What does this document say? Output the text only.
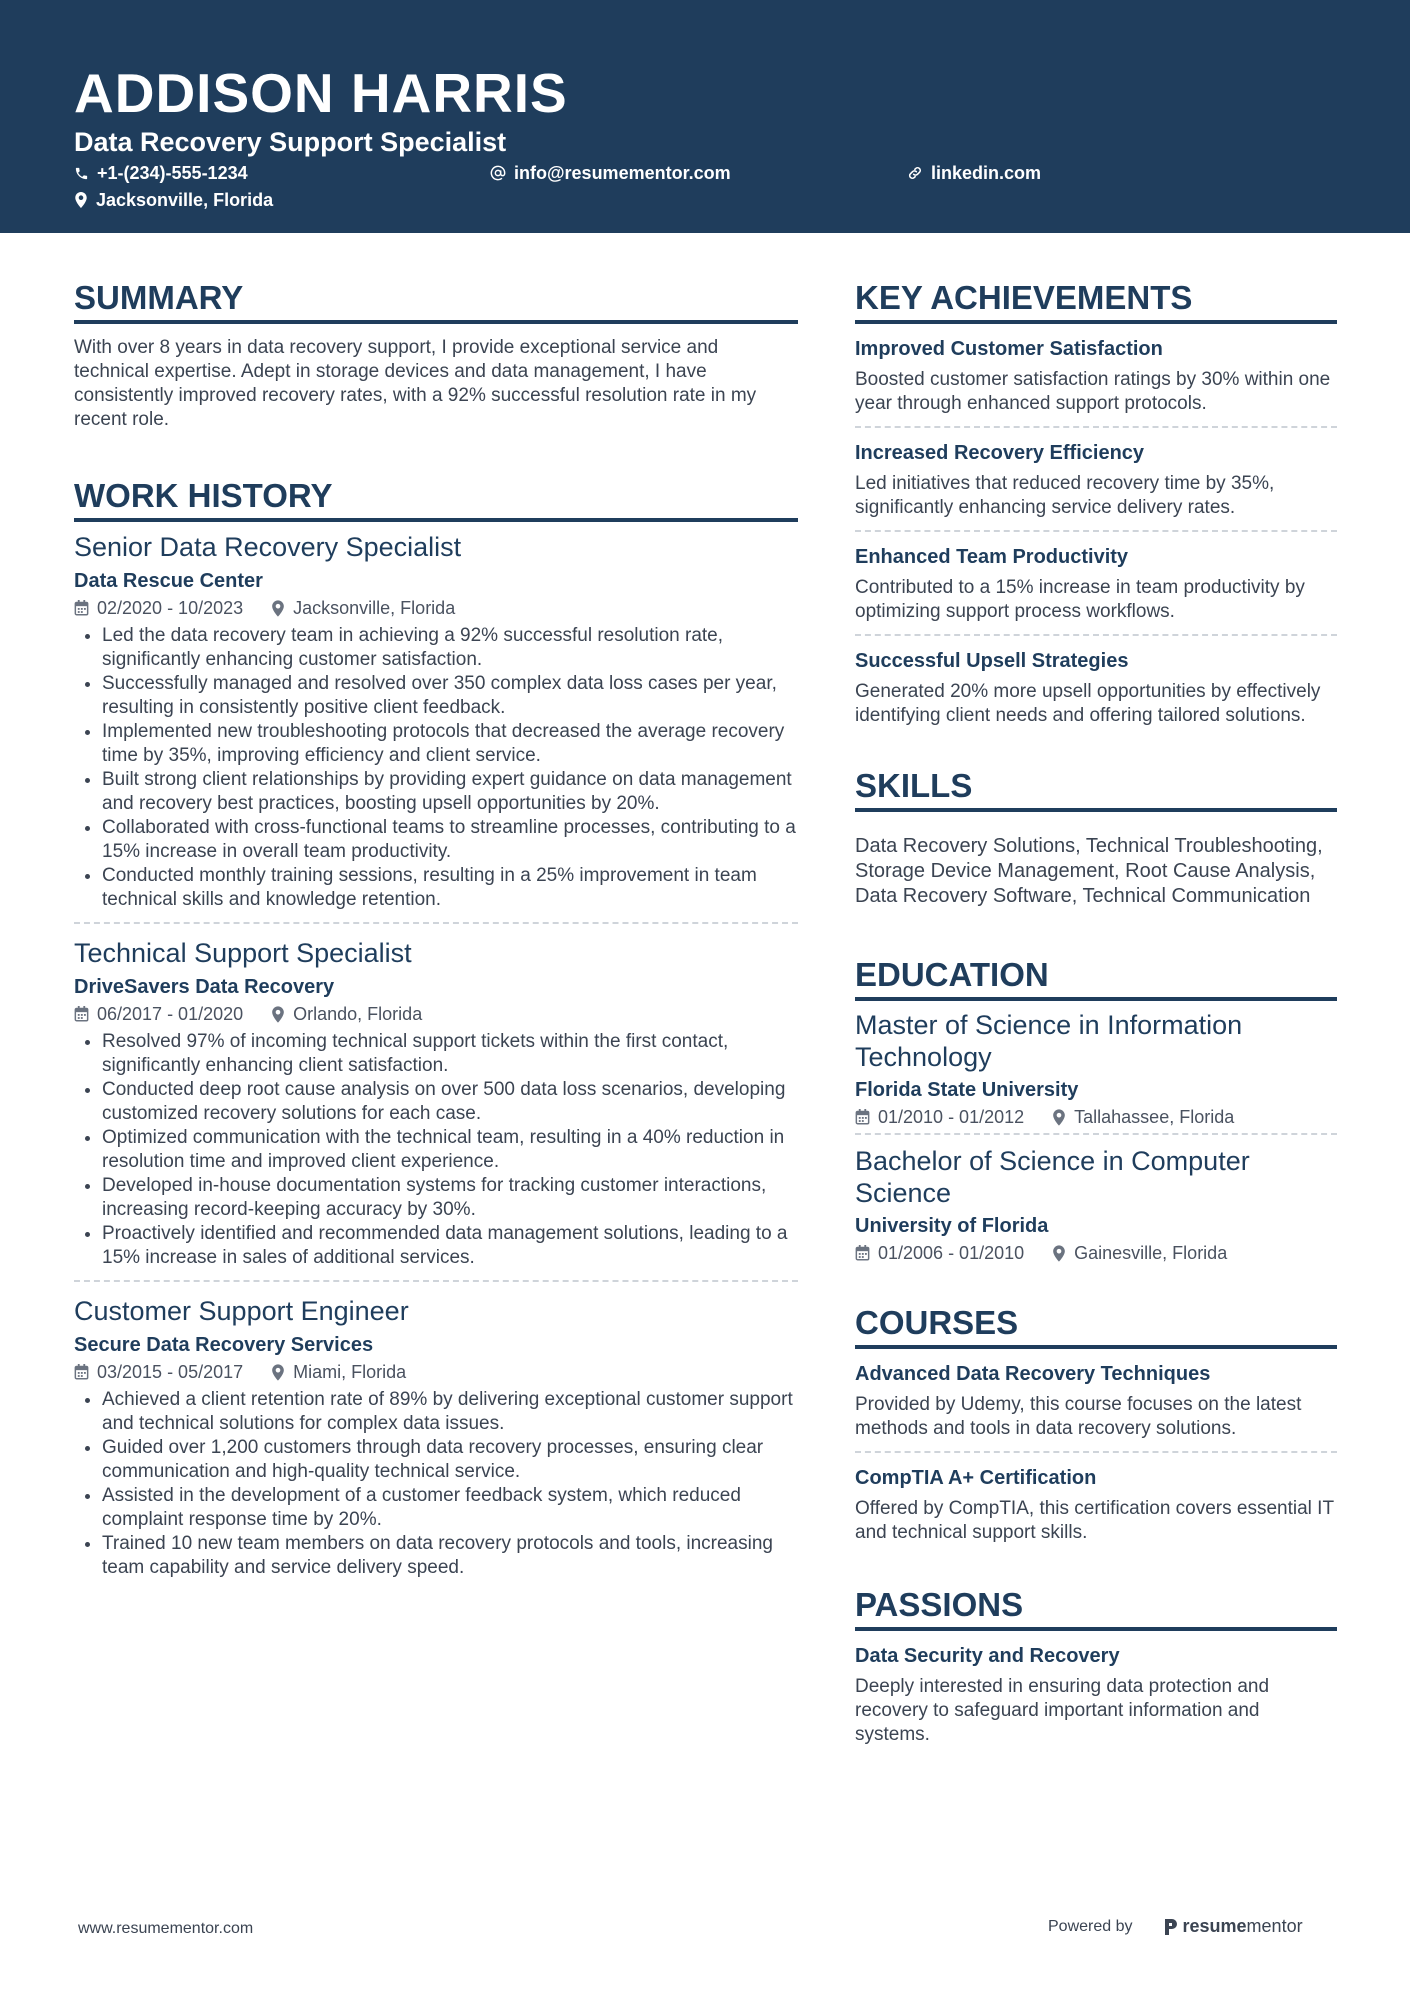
ADDISON HARRIS
Data Recovery Support Specialist
+1-(234)-555-1234	info@resumementor.com	linkedin.com
Jacksonville, Florida
SUMMARY

With over 8 years in data recovery support, I provide exceptional service and technical expertise. Adept in storage devices and data management, I have consistently improved recovery rates, with a 92% successful resolution rate in my recent role.

WORK HISTORY

Senior Data Recovery Specialist

Data Rescue Center

02/2020 - 10/2023	Jacksonville, Florida
• Led the data recovery team in achieving a 92% successful resolution rate, significantly enhancing customer satisfaction.
• Successfully managed and resolved over 350 complex data loss cases per year, resulting in consistently positive client feedback.
• Implemented new troubleshooting protocols that decreased the average recovery time by 35%, improving efficiency and client service.
• Built strong client relationships by providing expert guidance on data management and recovery best practices, boosting upsell opportunities by 20%.
• Collaborated with cross-functional teams to streamline processes, contributing to a 15% increase in overall team productivity.
• Conducted monthly training sessions, resulting in a 25% improvement in team technical skills and knowledge retention.

Technical Support Specialist

DriveSavers Data Recovery

06/2017 - 01/2020	Orlando, Florida
• Resolved 97% of incoming technical support tickets within the first contact, significantly enhancing client satisfaction.
• Conducted deep root cause analysis on over 500 data loss scenarios, developing customized recovery solutions for each case.
• Optimized communication with the technical team, resulting in a 40% reduction in resolution time and improved client experience.
• Developed in-house documentation systems for tracking customer interactions, increasing record-keeping accuracy by 30%.
• Proactively identified and recommended data management solutions, leading to a 15% increase in sales of additional services.

Customer Support Engineer

Secure Data Recovery Services

03/2015 - 05/2017	Miami, Florida
• Achieved a client retention rate of 89% by delivering exceptional customer support and technical solutions for complex data issues.
• Guided over 1,200 customers through data recovery processes, ensuring clear communication and high-quality technical service.
• Assisted in the development of a customer feedback system, which reduced complaint response time by 20%.
• Trained 10 new team members on data recovery protocols and tools, increasing team capability and service delivery speed.
KEY ACHIEVEMENTS

Improved Customer Satisfaction

Boosted customer satisfaction ratings by 30% within one year through enhanced support protocols.

Increased Recovery Efficiency

Led initiatives that reduced recovery time by 35%, significantly enhancing service delivery rates.

Enhanced Team Productivity

Contributed to a 15% increase in team productivity by optimizing support process workflows.

Successful Upsell Strategies

Generated 20% more upsell opportunities by effectively identifying client needs and offering tailored solutions.

SKILLS

Data Recovery Solutions, Technical Troubleshooting, Storage Device Management, Root Cause Analysis, Data Recovery Software, Technical Communication

EDUCATION

Master of Science in Information Technology

Florida State University

01/2010 - 01/2012	Tallahassee, Florida

Bachelor of Science in Computer Science

University of Florida

01/2006 - 01/2010	Gainesville, Florida
COURSES

Advanced Data Recovery Techniques

Provided by Udemy, this course focuses on the latest methods and tools in data recovery solutions.

CompTIA A+ Certification

Offered by CompTIA, this certification covers essential IT and technical support skills.

PASSIONS

Data Security and Recovery

Deeply interested in ensuring data protection and recovery to safeguard important information and systems.

www.resumementor.com	Powered by	resume mentor
